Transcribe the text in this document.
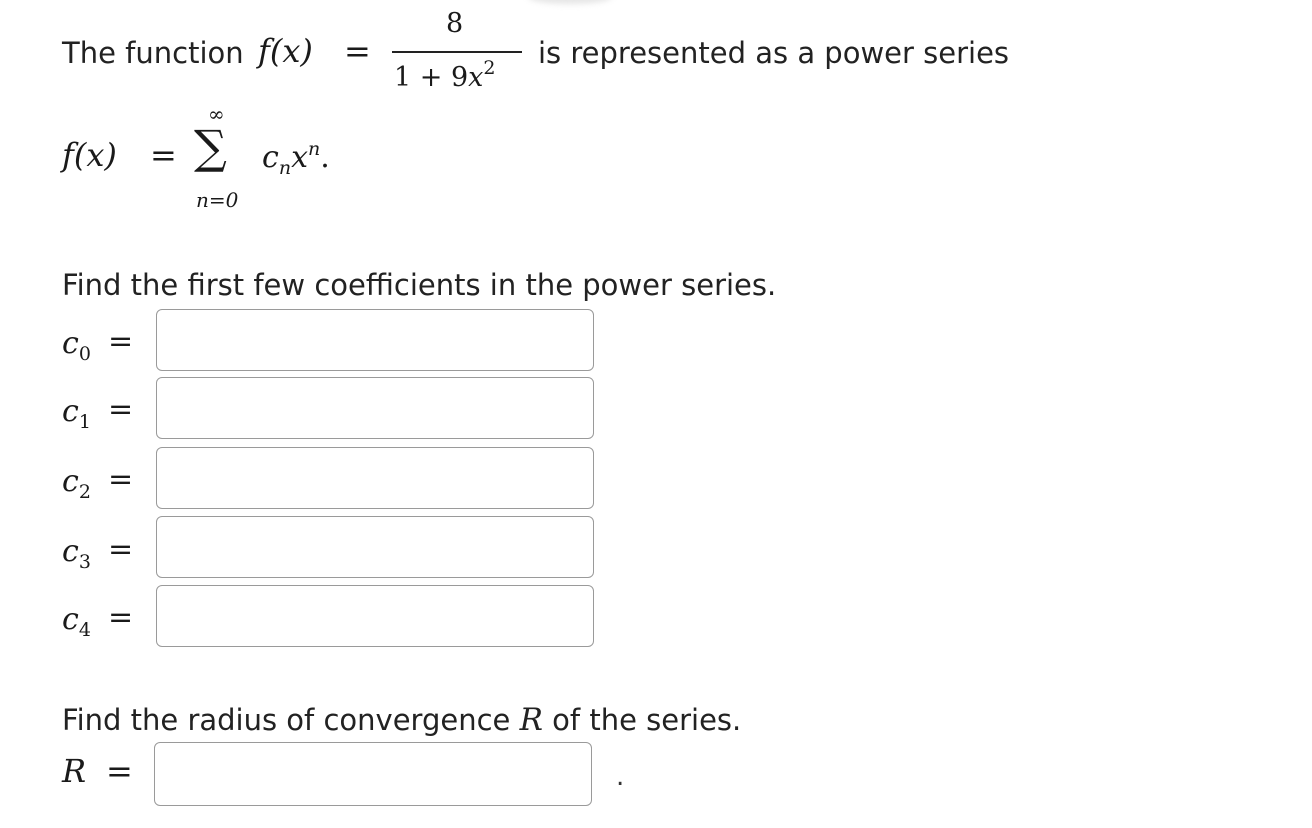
The function f(x) =
8
$1 + 9x^2$ is represented as a power series
f(x) =
∞
∑
n=0
$c_nx^n$.
Find the first few coefficients in the power series.
$c_0$ =
$c_1$ =
$c_2$ =
$c_3$ =
$c_4$ =
Find the radius of convergence R of the series.
R =	.
